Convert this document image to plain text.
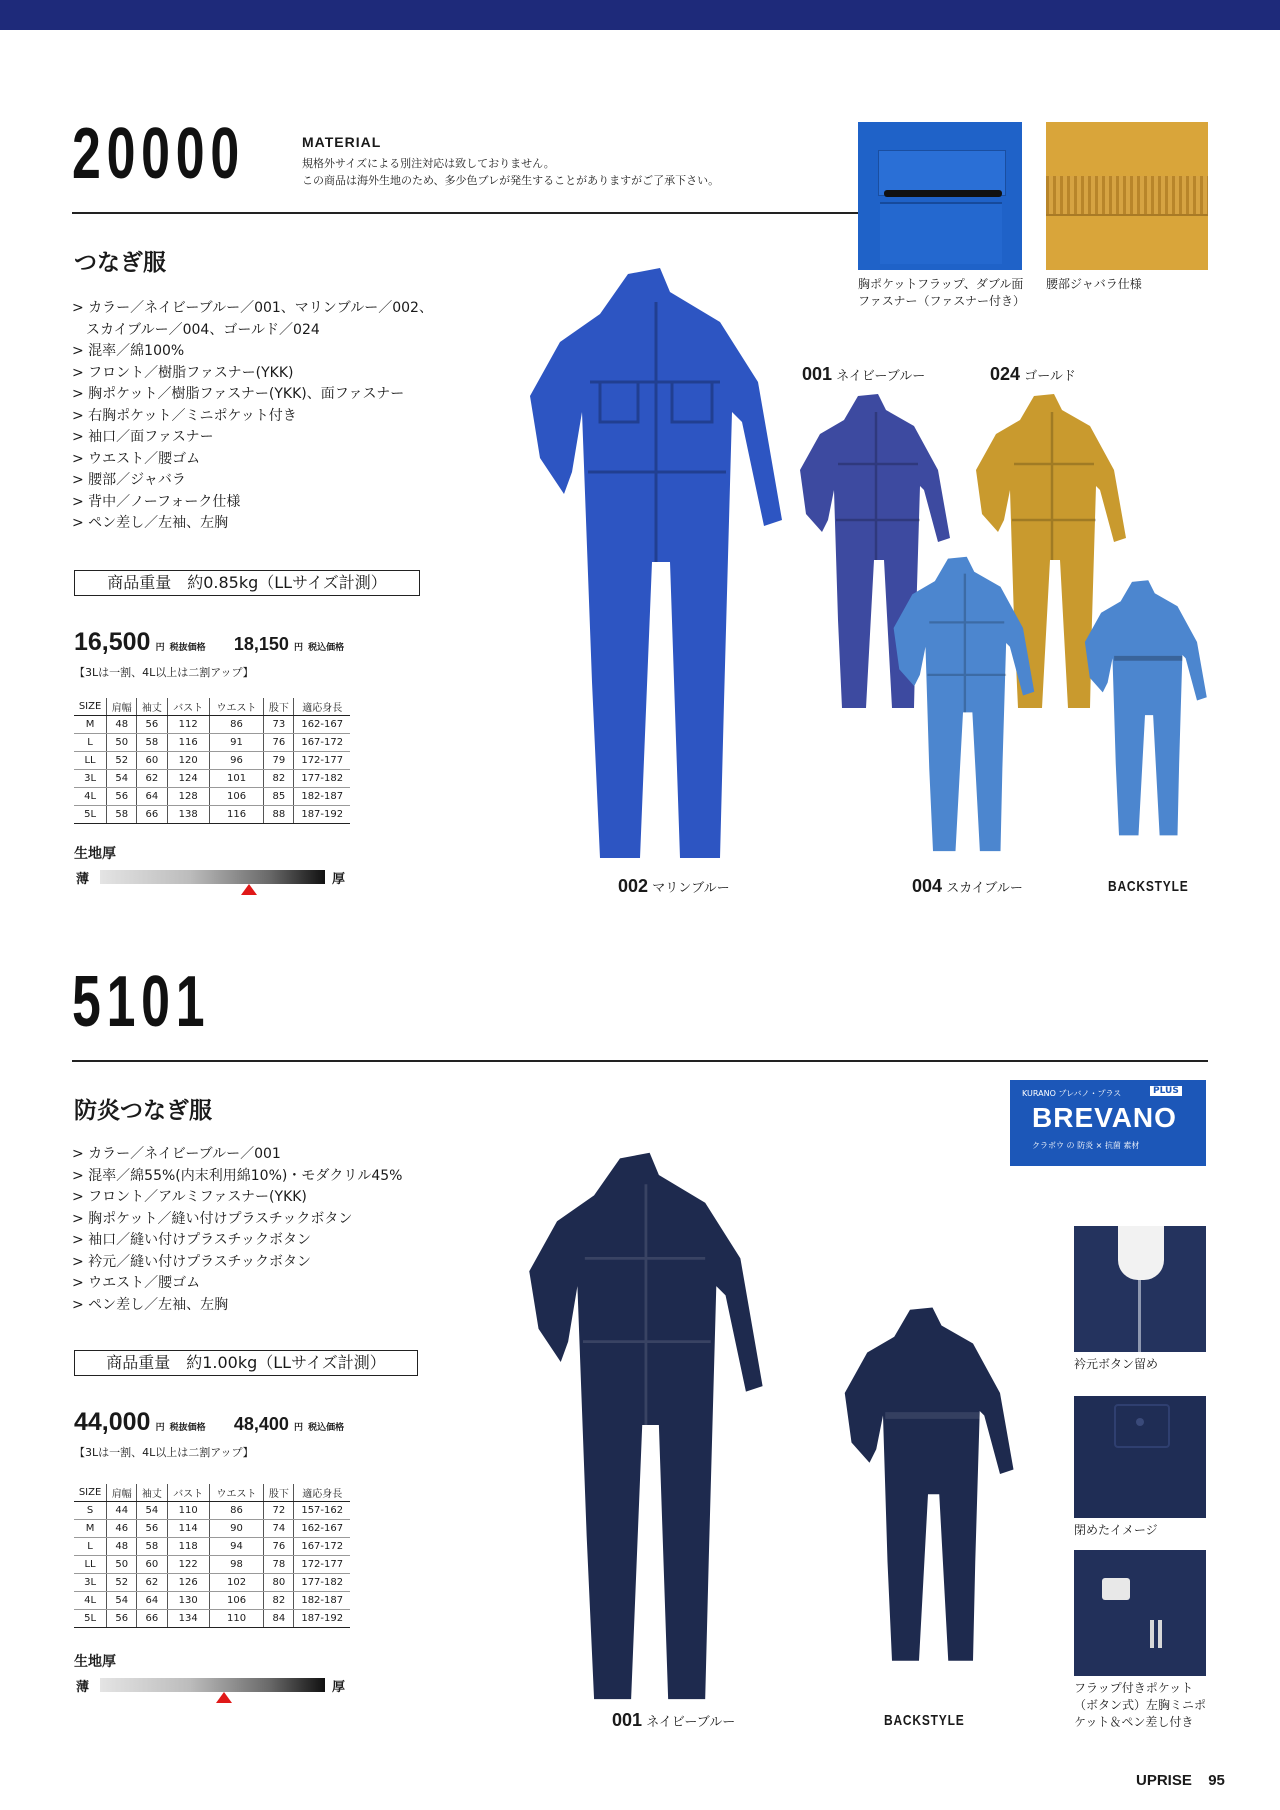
20000	MATERIAL
規格外サイズによる別注対応は致しておりません。
この商品は海外生地のため、多少色ブレが発生することがありますがご了承下さい。
つなぎ服
> カラー／ネイビーブルー／001、マリンブルー／002、
　スカイブルー／004、ゴールド／024
> 混率／綿100%
> フロント／樹脂ファスナー(YKK)
> 胸ポケット／樹脂ファスナー(YKK)、面ファスナー
> 右胸ポケット／ミニポケット付き
> 袖口／面ファスナー
> ウエスト／腰ゴム
> 腰部／ジャバラ
> 背中／ノーフォーク仕様
> ペン差し／左袖、左胸
商品重量　約0.85kg（LLサイズ計測）
16,500 円 税抜価格 18,150 円 税込価格
【3Lは一割、4L以上は二割アップ】
SIZE	肩幅	袖丈	バスト	ウエスト	股下	適応身長
M	48	56	112	86	73	162-167
L	50	58	116	91	76	167-172
LL	52	60	120	96	79	172-177
3L	54	62	124	101	82	177-182
4L	56	64	128	106	85	182-187
5L	58	66	138	116	88	187-192
生地厚
薄	厚
胸ポケットフラップ、ダブル面
ファスナー（ファスナー付き）
腰部ジャバラ仕様
001 ネイビーブルー	024 ゴールド
002 マリンブルー	004 スカイブルー	BACKSTYLE
5101
防炎つなぎ服
> カラー／ネイビーブルー／001
> 混率／綿55%(内末利用綿10%)・モダクリル45%
> フロント／アルミファスナー(YKK)
> 胸ポケット／縫い付けプラスチックボタン
> 袖口／縫い付けプラスチックボタン
> 衿元／縫い付けプラスチックボタン
> ウエスト／腰ゴム
> ペン差し／左袖、左胸
商品重量　約1.00kg（LLサイズ計測）
44,000 円 税抜価格 48,400 円 税込価格
【3Lは一割、4L以上は二割アップ】
SIZE	肩幅	袖丈	バスト	ウエスト	股下	適応身長
S	44	54	110	86	72	157-162
M	46	56	114	90	74	162-167
L	48	58	118	94	76	167-172
LL	50	60	122	98	78	172-177
3L	52	62	126	102	80	177-182
4L	54	64	130	106	82	182-187
5L	56	66	134	110	84	187-192
生地厚
薄	厚
KURANO ブレバノ・プラス	PLUS
BREVANO
クラボウ の 防炎 × 抗菌 素材
衿元ボタン留め
閉めたイメージ
フラップ付きポケット
（ボタン式）左胸ミニポ
ケット＆ペン差し付き
001 ネイビーブルー	BACKSTYLE
UPRISE 95
